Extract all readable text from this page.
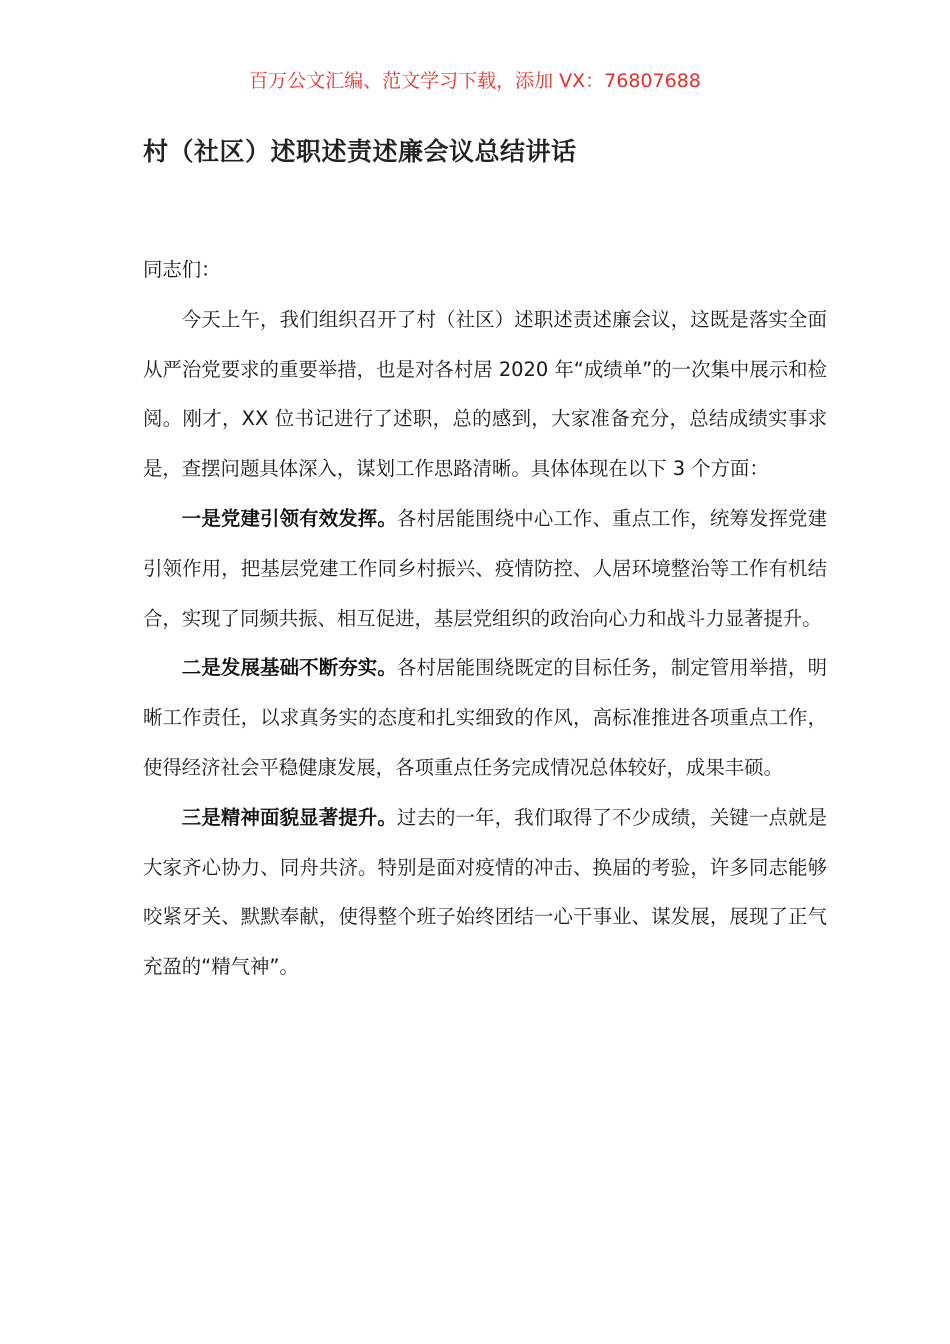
百万公文汇编、范文学习下载，添加 VX：76807688
村（社区）述职述责述廉会议总结讲话

同志们：

今天上午，我们组织召开了村（社区）述职述责述廉会议，这既是落实全面从严治党要求的重要举措，也是对各村居 2020 年“成绩单”的一次集中展示和检阅。刚才，XX 位书记进行了述职，总的感到，大家准备充分，总结成绩实事求是，查摆问题具体深入，谋划工作思路清晰。具体体现在以下 3 个方面：

一是党建引领有效发挥。各村居能围绕中心工作、重点工作，统筹发挥党建引领作用，把基层党建工作同乡村振兴、疫情防控、人居环境整治等工作有机结合，实现了同频共振、相互促进，基层党组织的政治向心力和战斗力显著提升。

二是发展基础不断夯实。各村居能围绕既定的目标任务，制定管用举措，明晰工作责任，以求真务实的态度和扎实细致的作风，高标准推进各项重点工作，使得经济社会平稳健康发展，各项重点任务完成情况总体较好，成果丰硕。

三是精神面貌显著提升。过去的一年，我们取得了不少成绩，关键一点就是大家齐心协力、同舟共济。特别是面对疫情的冲击、换届的考验，许多同志能够咬紧牙关、默默奉献，使得整个班子始终团结一心干事业、谋发展，展现了正气充盈的“精气神”。
